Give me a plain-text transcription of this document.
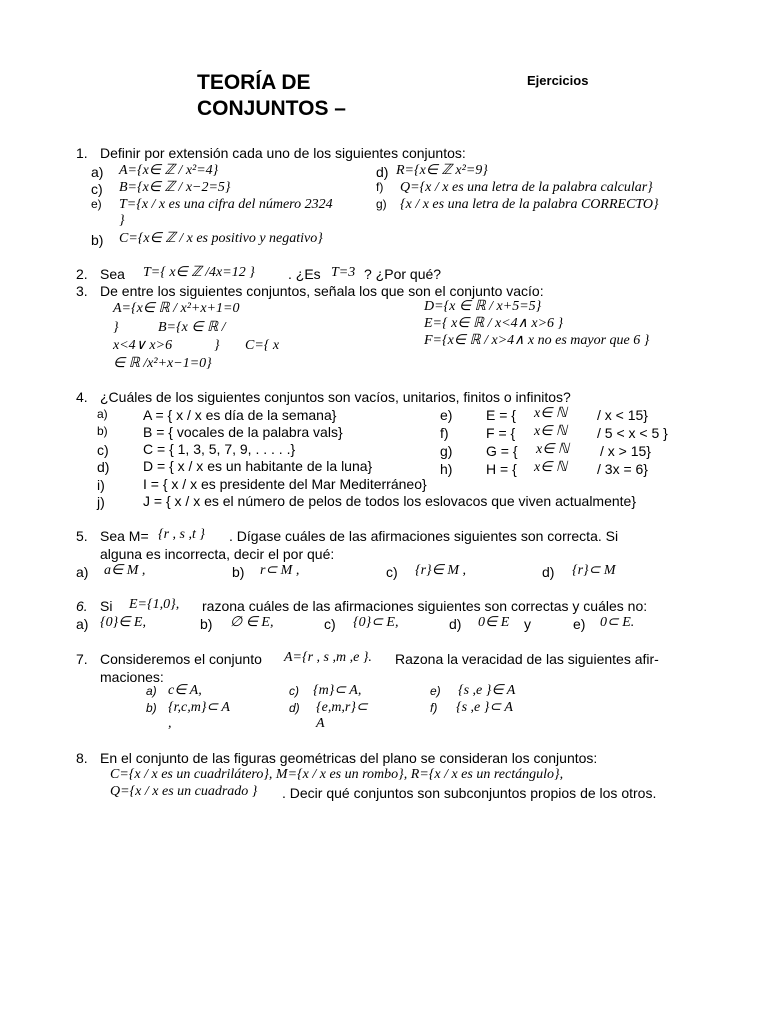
TEORÍA DE
CONJUNTOS –
Ejercicios
1. Definir por extensión cada uno de los siguientes conjuntos:
a) A={x∈ ℤ / x²=4}
c) B={x∈ ℤ / x−2=5}
e) T={x / x es una cifra del número 2324
}
b) C={x∈ ℤ / x es positivo y negativo}
d) R={x∈ ℤ x²=9}
f) Q={x / x es una letra de la palabra calcular}
g) {x / x es una letra de la palabra CORRECTO}
2. Sea T={ x∈ ℤ /4x=12 } . ¿Es T=3 ? ¿Por qué?
3. De entre los siguientes conjuntos, señala los que son el conjunto vacío:
A={x∈ ℝ / x²+x+1=0
}	B={x ∈ ℝ /
x<4∨ x>6	} C={ x
∈ ℝ /x²+x−1=0}
D={x ∈ ℝ / x+5=5}
E={ x∈ ℝ / x<4∧ x>6 }
F={x∈ ℝ / x>4∧ x no es mayor que 6 }
4. ¿Cuáles de los siguientes conjuntos son vacíos, unitarios, finitos o infinitos?
a)	A = { x / x es día de la semana}
b)	B = { vocales de la palabra vals}
c) C = { 1, 3, 5, 7, 9, . . . . .}
d) D = { x / x es un habitante de la luna}
i)	I = { x / x es presidente del Mar Mediterráneo}
j)	J = { x / x es el número de pelos de todos los eslovacos que viven actualmente}
e) E = { x∈ ℕ / x < 15}
f)	F = { x∈ ℕ / 5 < x < 5 }
g) G = { x∈ ℕ / x > 15}
h) H = { x∈ ℕ / 3x = 6}
5. Sea M= {r , s ,t } . Dígase cuáles de las afirmaciones siguientes son correcta. Si
alguna es incorrecta, decir el por qué:
a) a∈ M ,	b) r⊂ M ,	c) {r}∈ M ,	d) {r}⊂ M
6. Si E={1,0}, razona cuáles de las afirmaciones siguientes son correctas y cuáles no:
a) {0}∈ E,	b) ∅ ∈ E,	c) {0}⊂ E,	d) 0∈ E y	e) 0⊂ E.
7. Consideremos el conjunto A={r , s ,m ,e }. Razona la veracidad de las siguientes afir-
maciones:
a) c∈ A,
b) {r,c,m}⊂ A
,
c) {m}⊂ A,
d) {e,m,r}⊂
A
e) {s ,e }∈ A
f) {s ,e }⊂ A
8. En el conjunto de las figuras geométricas del plano se consideran los conjuntos:
C={x / x es un cuadrilátero}, M={x / x es un rombo}, R={x / x es un rectángulo},
Q={x / x es un cuadrado } . Decir qué conjuntos son subconjuntos propios de los otros.
